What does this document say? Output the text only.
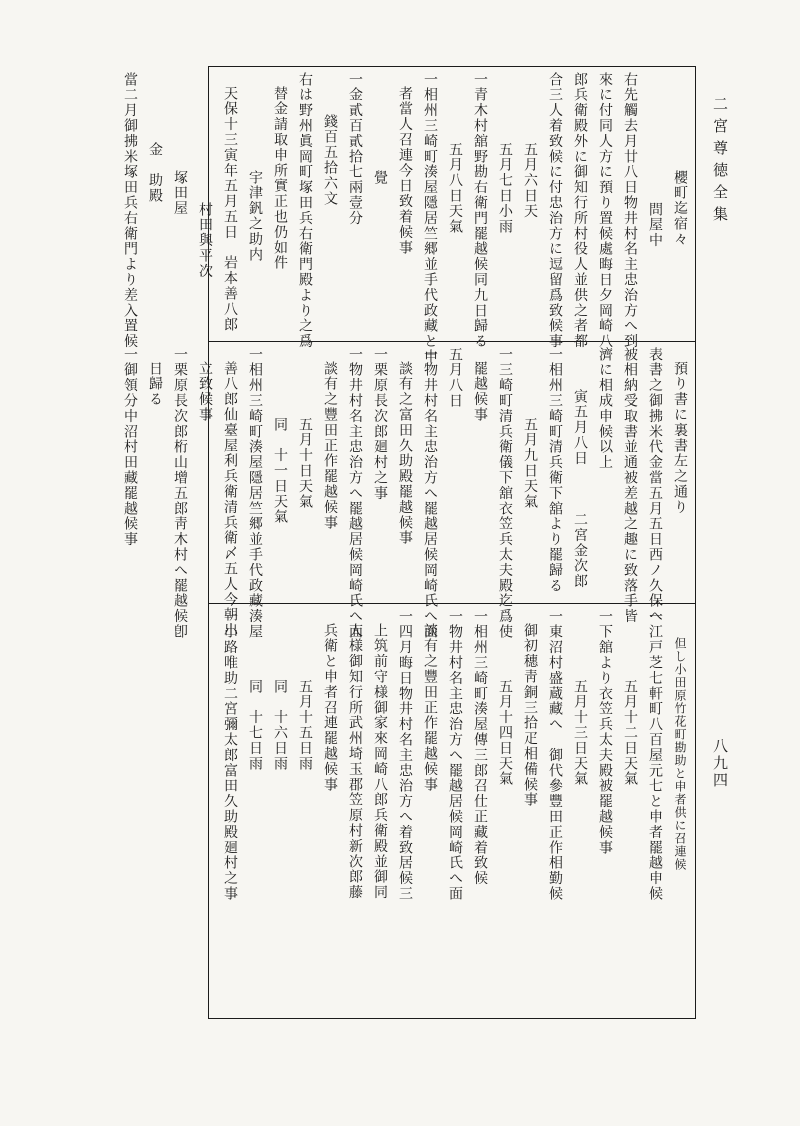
二宮尊徳全集
八九四
櫻町迄宿々
問屋中
右先觸去月廿八日物井村名主忠治方へ到
來に付同人方に預り置候處晦日夕岡崎八
郎兵衛殿外に御知行所村役人並供之者都
合三人着致候に付忠治方に逗留爲致候事
五月六日天
五月七日小雨
一青木村舘野勘右衛門罷越候同九日歸る
五月八日天氣
一相州三崎町湊屋隱居竺郷並手代政藏と申
者當人召連今日致着候事
覺
一金貳百貳拾七兩壹分
錢百五拾六文
右は野州眞岡町塚田兵右衛門殿より之爲
替金請取申所實正也仍如件
宇津釩之助内
天保十三寅年五月五日　岩本善八郎
村田與平次
塚田屋
金　助殿
當二月御拂米塚田兵右衛門より差入置候
預り書に裏書左之通り
表書之御拂米代金當五月五日西ノ久保へ
被相納受取書並通被差越之趣に致落手皆
濟に相成申候以上
寅五月八日　　　二宮金次郎
一相州三崎町清兵衛下舘より罷歸る
五月九日天氣
一三崎町清兵衛儀下舘衣笠兵太夫殿迄爲使
罷越候事
五月八日
一物井村名主忠治方へ罷越居候岡崎氏へ面
談有之富田久助殿罷越候事
一栗原長次郎廻村之事
一物井村名主忠治方へ罷越居候岡崎氏へ面
談有之豐田正作罷越候事
五月十日天氣
同　十一日天氣
一相州三崎町湊屋隱居竺郷並手代政藏湊屋
善八郎仙臺屋利兵衛清兵衛〆五人今朝出
立致候事
一栗原長次郎桁山增五郎靑木村へ罷越候卽
日歸る
一御領分中沼村田藏罷越候事
但し小田原竹花町勘助と申者供に召連候
一江戸芝七軒町八百屋元七と申者罷越申候
五月十二日天氣
一下舘より衣笠兵太夫殿被罷越候事
五月十三日天氣
一東沼村盛蔵藏へ　御代參豐田正作相勤候
御初穗靑銅三拾疋相備候事
五月十四日天氣
一相州三崎町湊屋傳三郎召仕正藏着致候
一物井村名主忠治方へ罷越居候岡崎氏へ面
談有之豐田正作罷越候事
一四月晦日物井村名主忠治方へ着致居候三
上筑前守様御家來岡崎八郎兵衛殿並御同
人様御知行所武州埼玉郡笠原村新次郎藤
兵衛と申者召連罷越候事
五月十五日雨
同　十六日雨
同　十七日雨
一小路唯助二宮彌太郎富田久助殿廻村之事
